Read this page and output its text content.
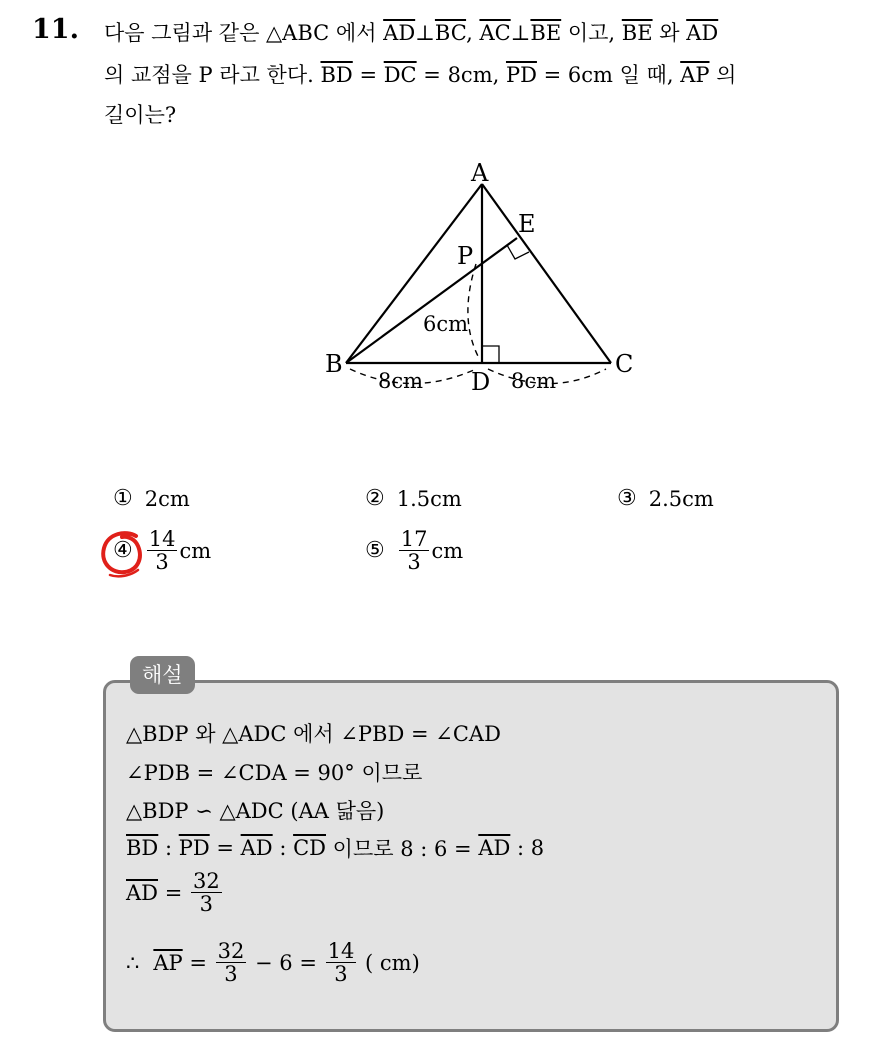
11. 다음 그림과 같은 △ABC 에서 $\overline{AD}\perp\overline{BC}$, $\overline{AC}\perp\overline{BE}$ 이고, $\overline{BE}$ 와 $\overline{AD}$
의 교점을 P 라고 한다. $\overline{BD} = \overline{DC} = 8cm$, $\overline{PD} = 6cm$ 일 때, $\overline{AP}$ 의
길이는?
A
B	C
D
E
P
6cm
8cm	8cm
① 2cm	② 1.5cm	③ 2.5cm
④ $\frac{14}{3}$ cm	⑤ $\frac{17}{3}$ cm
해설
△BDP 와 △ADC 에서 ∠PBD = ∠CAD
∠PDB = ∠CDA = 90° 이므로
△BDP ∽ △ADC (AA 닮음)
$\overline{BD}$ : $\overline{PD} = \overline{AD}$ : $\overline{CD}$ 이므로 8 : $6 = \overline{AD}$ : 8
$\overline{AD} = \frac{32}{3}$
∴ $\overline{AP} = \frac{32}{3} - 6 = \frac{14}{3}$ ( cm)
